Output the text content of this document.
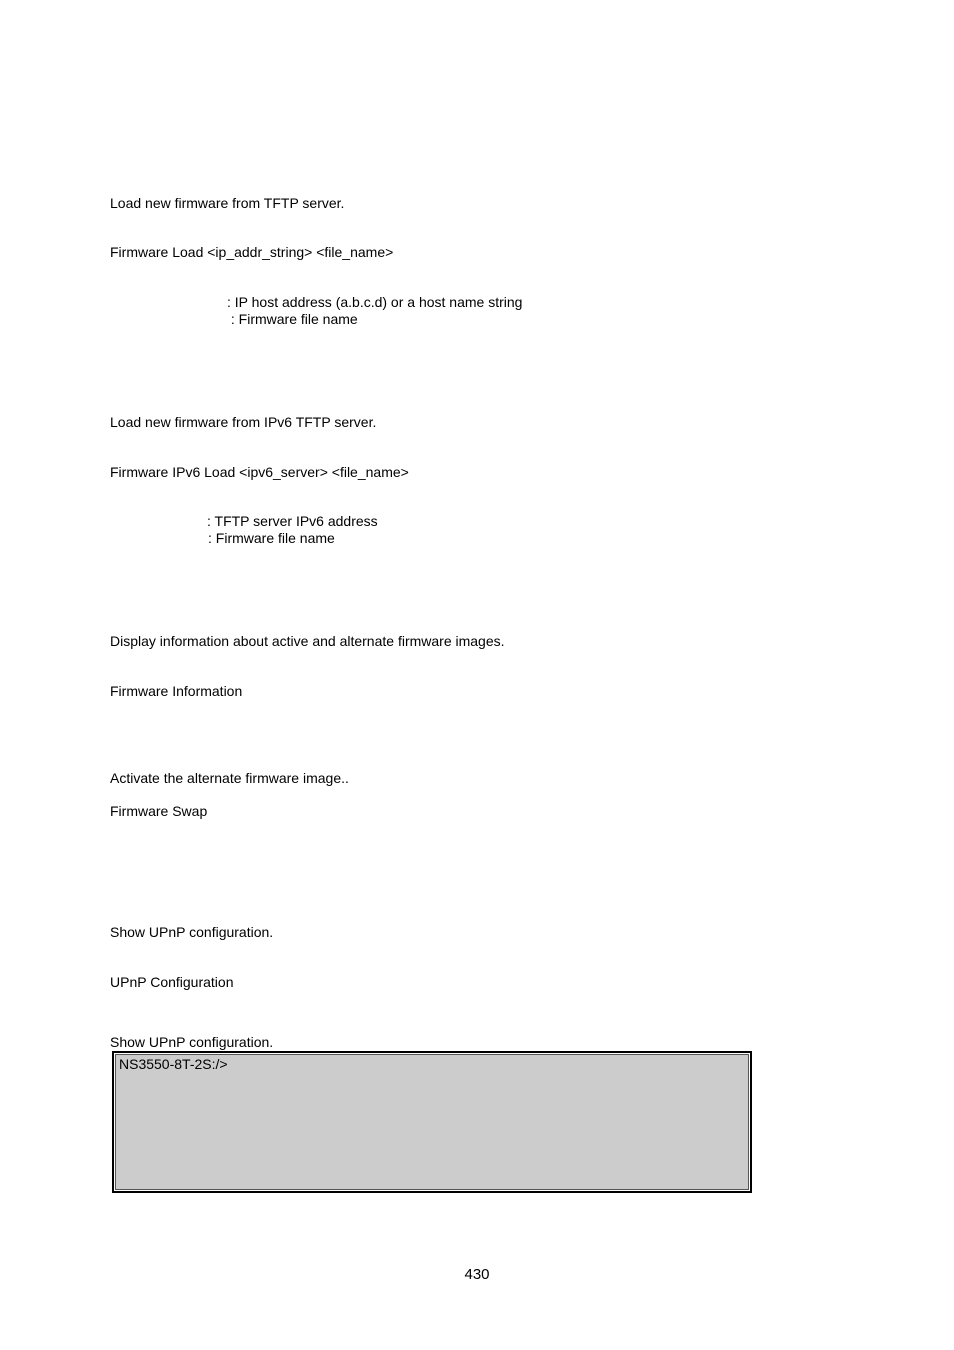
Load new firmware from TFTP server.
Firmware Load <ip_addr_string> <file_name>
: IP host address (a.b.c.d) or a host name string
: Firmware file name
Load new firmware from IPv6 TFTP server.
Firmware IPv6 Load <ipv6_server> <file_name>
: TFTP server IPv6 address
: Firmware file name
Display information about active and alternate firmware images.
Firmware Information
Activate the alternate firmware image..
Firmware Swap
Show UPnP configuration.
UPnP Configuration
Show UPnP configuration.
NS3550-8T-2S:/>
430
